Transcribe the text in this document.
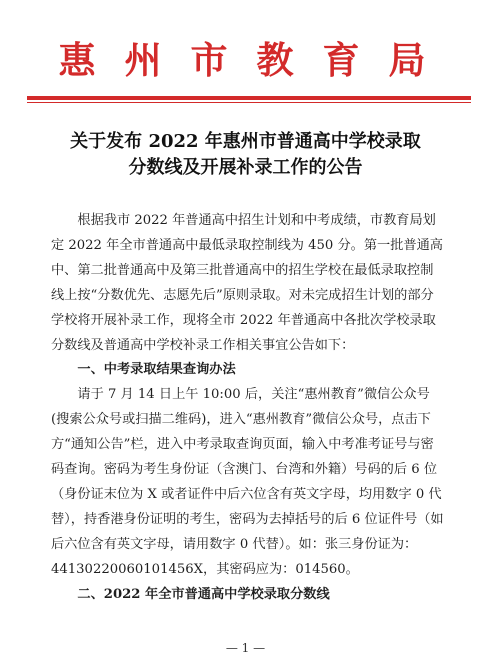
惠州市教育局
关于发布 2022 年惠州市普通高中学校录取
分数线及开展补录工作的公告

根据我市 2022 年普通高中招生计划和中考成绩，市教育局划定 2022 年全市普通高中最低录取控制线为 450 分。第一批普通高中、第二批普通高中及第三批普通高中的招生学校在最低录取控制线上按“分数优先、志愿先后”原则录取。对未完成招生计划的部分学校将开展补录工作，现将全市 2022 年普通高中各批次学校录取分数线及普通高中学校补录工作相关事宜公告如下：

一、中考录取结果查询办法

请于 7 月 14 日上午 10:00 后，关注“惠州教育”微信公众号(搜索公众号或扫描二维码)，进入“惠州教育”微信公众号，点击下方“通知公告”栏，进入中考录取查询页面，输入中考准考证号与密码查询。密码为考生身份证（含澳门、台湾和外籍）号码的后 6 位（身份证末位为 X 或者证件中后六位含有英文字母，均用数字 0 代替），持香港身份证明的考生，密码为去掉括号的后 6 位证件号（如后六位含有英文字母，请用数字 0 代替）。如：张三身份证为：44130220060101456X，其密码应为：014560。

二、2022 年全市普通高中学校录取分数线

— 1 —
